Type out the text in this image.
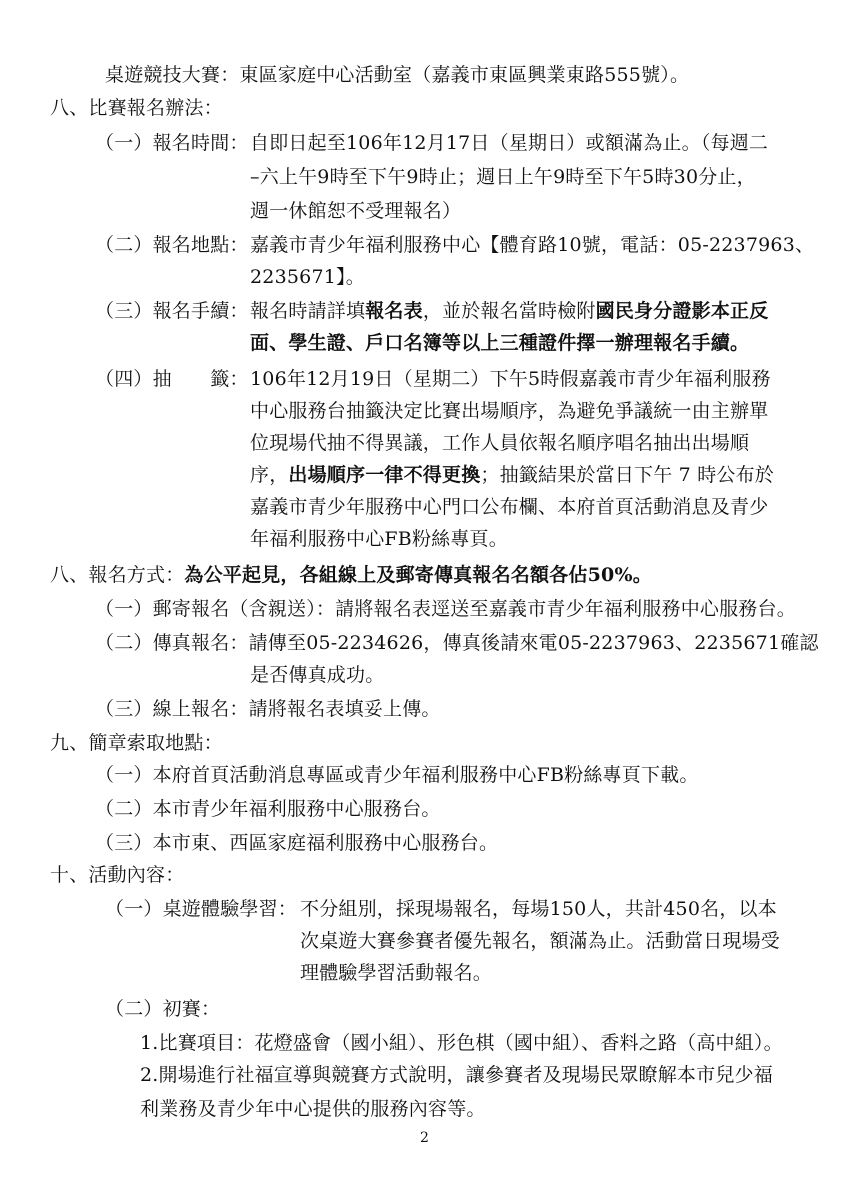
桌遊競技大賽：東區家庭中心活動室（嘉義市東區興業東路555號）。
八、比賽報名辦法：
（一）報名時間： 自即日起至106年12月17日（星期日）或額滿為止。（每週二
–六上午9時至下午9時止；週日上午9時至下午5時30分止，
週一休館恕不受理報名）
（二）報名地點： 嘉義市青少年福利服務中心【體育路10號，電話：05-2237963、
2235671】。
（三）報名手續： 報名時請詳填報名表，並於報名當時檢附國民身分證影本正反
面、學生證、戶口名簿等以上三種證件擇一辦理報名手續。
（四）抽　　籤： 106年12月19日（星期二）下午5時假嘉義市青少年福利服務
中心服務台抽籤決定比賽出場順序，為避免爭議統一由主辦單
位現場代抽不得異議，工作人員依報名順序唱名抽出出場順
序，出場順序一律不得更換；抽籤結果於當日下午 7 時公布於
嘉義市青少年服務中心門口公布欄、本府首頁活動消息及青少
年福利服務中心FB粉絲專頁。
八、報名方式：為公平起見，各組線上及郵寄傳真報名名額各佔50%。
（一）郵寄報名（含親送）：請將報名表逕送至嘉義市青少年福利服務中心服務台。
（二）傳真報名：請傳至05-2234626，傳真後請來電05-2237963、2235671確認
是否傳真成功。
（三）線上報名：請將報名表填妥上傳。
九、簡章索取地點：
（一）本府首頁活動消息專區或青少年福利服務中心FB粉絲專頁下載。
（二）本市青少年福利服務中心服務台。
（三）本市東、西區家庭福利服務中心服務台。
十、活動內容：
（一）桌遊體驗學習： 不分組別，採現場報名，每場150人，共計450名，以本
次桌遊大賽參賽者優先報名，額滿為止。活動當日現場受
理體驗學習活動報名。
（二）初賽：
1.比賽項目：花燈盛會（國小組）、形色棋（國中組）、香料之路（高中組）。
2.開場進行社福宣導與競賽方式說明，讓參賽者及現場民眾瞭解本市兒少福
利業務及青少年中心提供的服務內容等。
2
